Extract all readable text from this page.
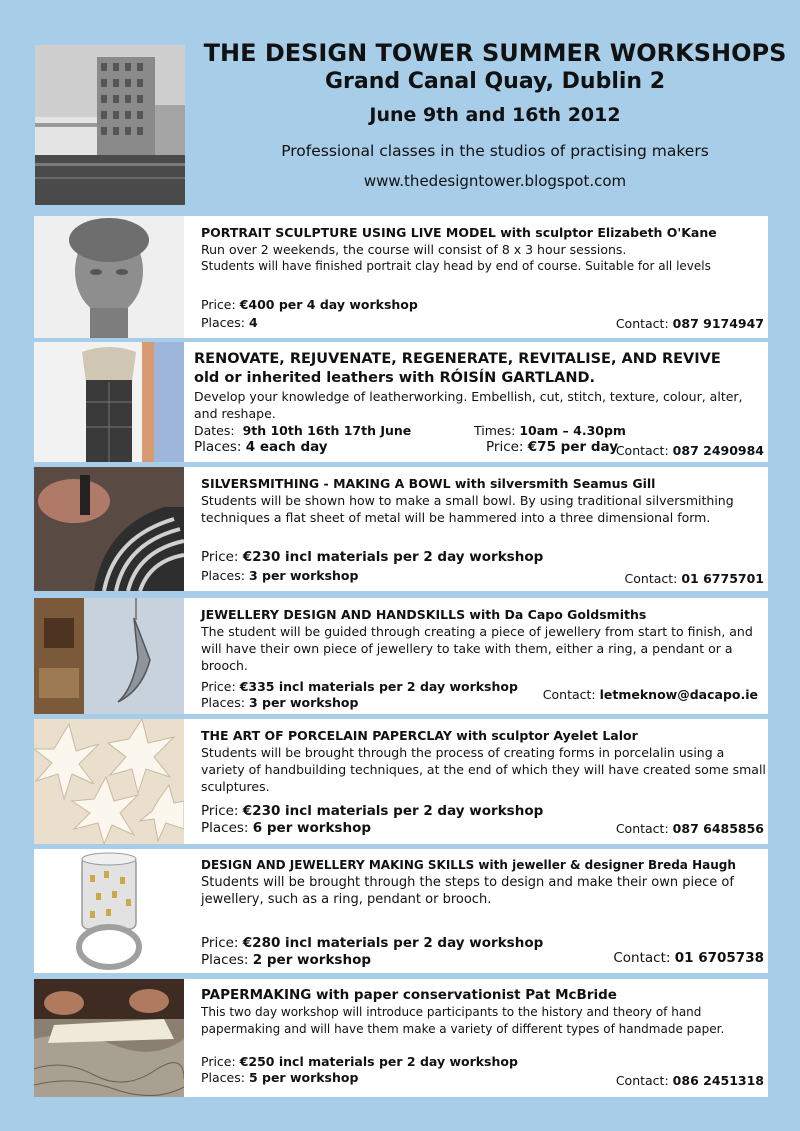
THE DESIGN TOWER SUMMER WORKSHOPS
Grand Canal Quay, Dublin 2
June 9th and 16th 2012
Professional classes in the studios of practising makers
www.thedesigntower.blogspot.com
PORTRAIT SCULPTURE USING LIVE MODEL with sculptor Elizabeth O'Kane
Run over 2 weekends, the course will consist of 8 x 3 hour sessions.
Students will have finished portrait clay head by end of course. Suitable for all levels
Price: €400 per 4 day workshop
Places: 4	Contact: 087 9174947
RENOVATE, REJUVENATE, REGENERATE, REVITALISE, AND REVIVE
old or inherited leathers with RÓISÍN GARTLAND.
Develop your knowledge of leatherworking. Embellish, cut, stitch, texture, colour, alter, and reshape.
Dates: 9th 10th 16th 17th June	Times: 10am – 4.30pm
Places: 4 each day	Price: €75 per day
Contact: 087 2490984
SILVERSMITHING - MAKING A BOWL with silversmith Seamus Gill
Students will be shown how to make a small bowl. By using traditional silversmithing techniques a flat sheet of metal will be hammered into a three dimensional form.
Price: €230 incl materials per 2 day workshop
Places: 3 per workshop	Contact: 01 6775701
JEWELLERY DESIGN AND HANDSKILLS with Da Capo Goldsmiths
The student will be guided through creating a piece of jewellery from start to finish, and will have their own piece of jewellery to take with them, either a ring, a pendant or a brooch.
Price: €335 incl materials per 2 day workshop
Places: 3 per workshop
Contact: letmeknow@dacapo.ie
THE ART OF PORCELAIN PAPERCLAY with sculptor Ayelet Lalor
Students will be brought through the process of creating forms in porcelalin using a variety of handbuilding techniques, at the end of which they will have created some small sculptures.
Price: €230 incl materials per 2 day workshop
Places: 6 per workshop	Contact: 087 6485856
DESIGN AND JEWELLERY MAKING SKILLS with jeweller & designer Breda Haugh
Students will be brought through the steps to design and make their own piece of jewellery, such as a ring, pendant or brooch.
Price: €280 incl materials per 2 day workshop
Places: 2 per workshop	Contact: 01 6705738
PAPERMAKING with paper conservationist Pat McBride
This two day workshop will introduce participants to the history and theory of hand papermaking and will have them make a variety of different types of handmade paper.
Price: €250 incl materials per 2 day workshop
Places: 5 per workshop	Contact: 086 2451318
